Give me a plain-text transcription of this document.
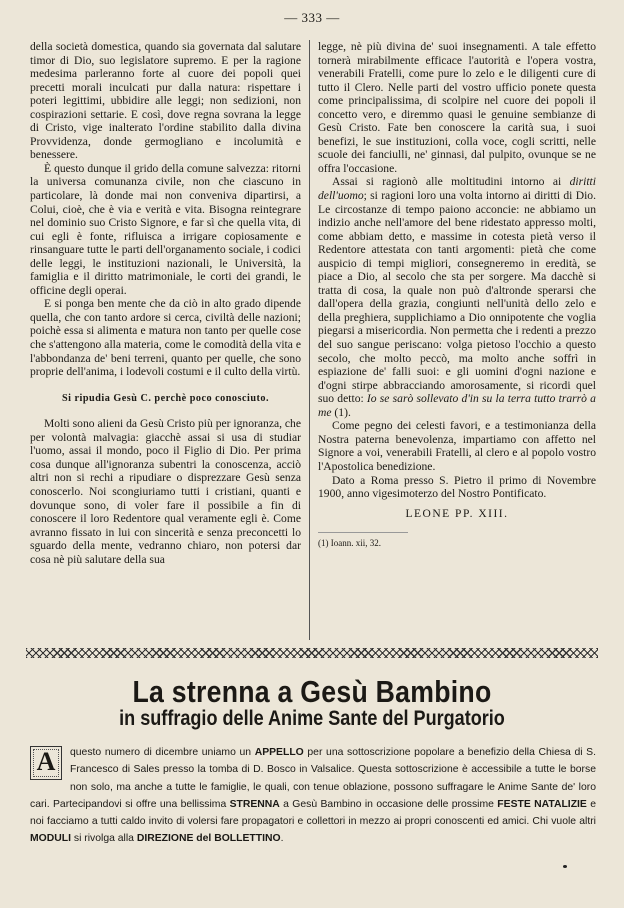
— 333 —

della società domestica, quando sia governata dal salutare timor di Dio, suo legislatore supremo. E per la ragione medesima parleranno forte al cuore dei popoli quei precetti morali inculcati pur dalla natura: rispettare i poteri legittimi, ubbidire alle leggi; non sedizioni, non cospirazioni settarie. E così, dove regna sovrana la legge di Cristo, vige inalterato l'ordine stabilito dalla divina Provvidenza, donde germogliano e incolumità e benessere.

È questo dunque il grido della comune salvezza: ritorni la universa comunanza civile, non che ciascuno in particolare, là donde mai non conveniva dipartirsi, a Colui, cioè, che è via e verità e vita. Bisogna reintegrare nel dominio suo Cristo Signore, e far sì che quella vita, di cui egli è fonte, rifluisca a irrigare copiosamente e rinsanguare tutte le parti dell'organamento sociale, i codici delle leggi, le instituzioni nazionali, le Università, la famiglia e il diritto matrimoniale, le corti dei grandi, le officine degli operai.

E si ponga ben mente che da ciò in alto grado dipende quella, che con tanto ardore si cerca, civiltà delle nazioni; poichè essa si alimenta e matura non tanto per quelle cose che s'attengono alla materia, come le comodità della vita e l'abbondanza de' beni terreni, quanto per quelle, che sono proprie dell'anima, i lodevoli costumi e il culto della virtù.

Si ripudia Gesù C. perchè poco conosciuto.

Molti sono alieni da Gesù Cristo più per ignoranza, che per volontà malvagia: giacchè assai si usa di studiar l'uomo, assai il mondo, poco il Figlio di Dio. Per prima cosa dunque all'ignoranza subentri la conoscenza, acciò altri non si rechi a ripudiare o disprezzare Gesù senza conoscerlo. Noi scongiuriamo tutti i cristiani, quanti e dovunque sono, di voler fare il possibile a fin di conoscere il loro Redentore qual veramente egli è. Come avranno fissato in lui con sincerità e senza preconcetti lo sguardo della mente, vedranno chiaro, non potersi dar cosa nè più salutare della sua

legge, nè più divina de' suoi insegnamenti. A tale effetto tornerà mirabilmente efficace l'autorità e l'opera vostra, venerabili Fratelli, come pure lo zelo e le diligenti cure di tutto il Clero. Nelle parti del vostro ufficio ponete questa come principalissima, di scolpire nel cuore dei popoli il concetto vero, e diremmo quasi le genuine sembianze di Gesù Cristo. Fate ben conoscere la carità sua, i suoi benefizi, le sue instituzioni, colla voce, cogli scritti, nelle scuole dei fanciulli, ne' ginnasi, dal pulpito, ovunque se ne offra l'occasione.

Assai si ragionò alle moltitudini intorno ai diritti dell'uomo; si ragioni loro una volta intorno ai diritti di Dio. Le circostanze di tempo paiono acconcie: ne abbiamo un indizio anche nell'amore del bene ridestato appresso molti, come abbiam detto, e massime in cotesta pietà verso il Redentore attestata con tanti argomenti: pietà che come auspicio di tempi migliori, consegneremo in eredità, se piace a Dio, al secolo che sta per sorgere. Ma dacchè si tratta di cosa, la quale non può d'altronde sperarsi che dall'opera della grazia, congiunti nell'unità dello zelo e della preghiera, supplichiamo a Dio onnipotente che voglia piegarsi a misericordia. Non permetta che i redenti a prezzo del suo sangue periscano: volga pietoso l'occhio a questo secolo, che molto peccò, ma molto anche soffrì in espiazione de' falli suoi: e gli uomini d'ogni nazione e d'ogni stirpe abbracciando amorosamente, si ricordi quel suo detto: Io se sarò sollevato d'in su la terra tutto trarrò a me (1).

Come pegno dei celesti favori, e a testimonianza della Nostra paterna benevolenza, impartiamo con affetto nel Signore a voi, venerabili Fratelli, al clero e al popolo vostro l'Apostolica benedizione.

Dato a Roma presso S. Pietro il primo di Novembre 1900, anno vigesimoterzo del Nostro Pontificato.

LEONE PP. XIII.
(1) Ioann. xii, 32.
La strenna a Gesù Bambino
in suffragio delle Anime Sante del Purgatorio
A	questo numero di dicembre uniamo un APPELLO per una sottoscrizione popolare a benefizio della Chiesa di S. Francesco di Sales presso la tomba di D. Bosco in Valsalice. Questa sottoscrizione è accessibile a tutte le borse non solo, ma anche a tutte le famiglie, le quali, con tenue oblazione, possono suffragare le Anime Sante de' loro cari. Partecipandovi si offre una bellissima STRENNA a Gesù Bambino in occasione delle prossime FESTE NATALIZIE e noi facciamo a tutti caldo invito di volersi fare propagatori e collettori in mezzo ai propri conoscenti ed amici. Chi vuole altri MODULI si rivolga alla DIREZIONE del BOLLETTINO.
